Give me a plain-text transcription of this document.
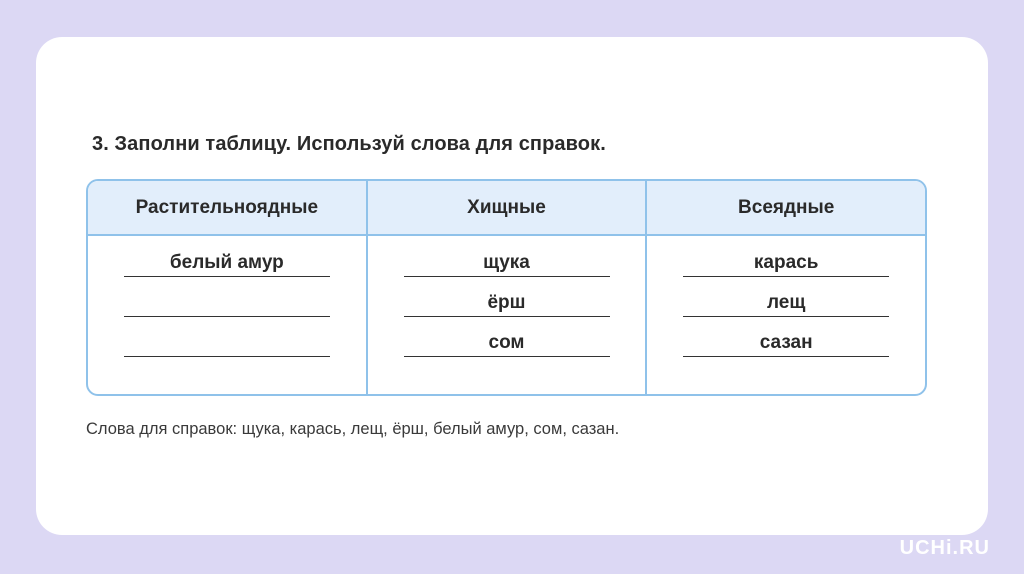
3. Заполни таблицу. Используй слова для справок.
Растительноядные
белый амур
Хищные
щука
ёрш
сом
Всеядные
карась
лещ
сазан
Слова для справок: щука, карась, лещ, ёрш, белый амур, сом, сазан.
UCHi.RU
